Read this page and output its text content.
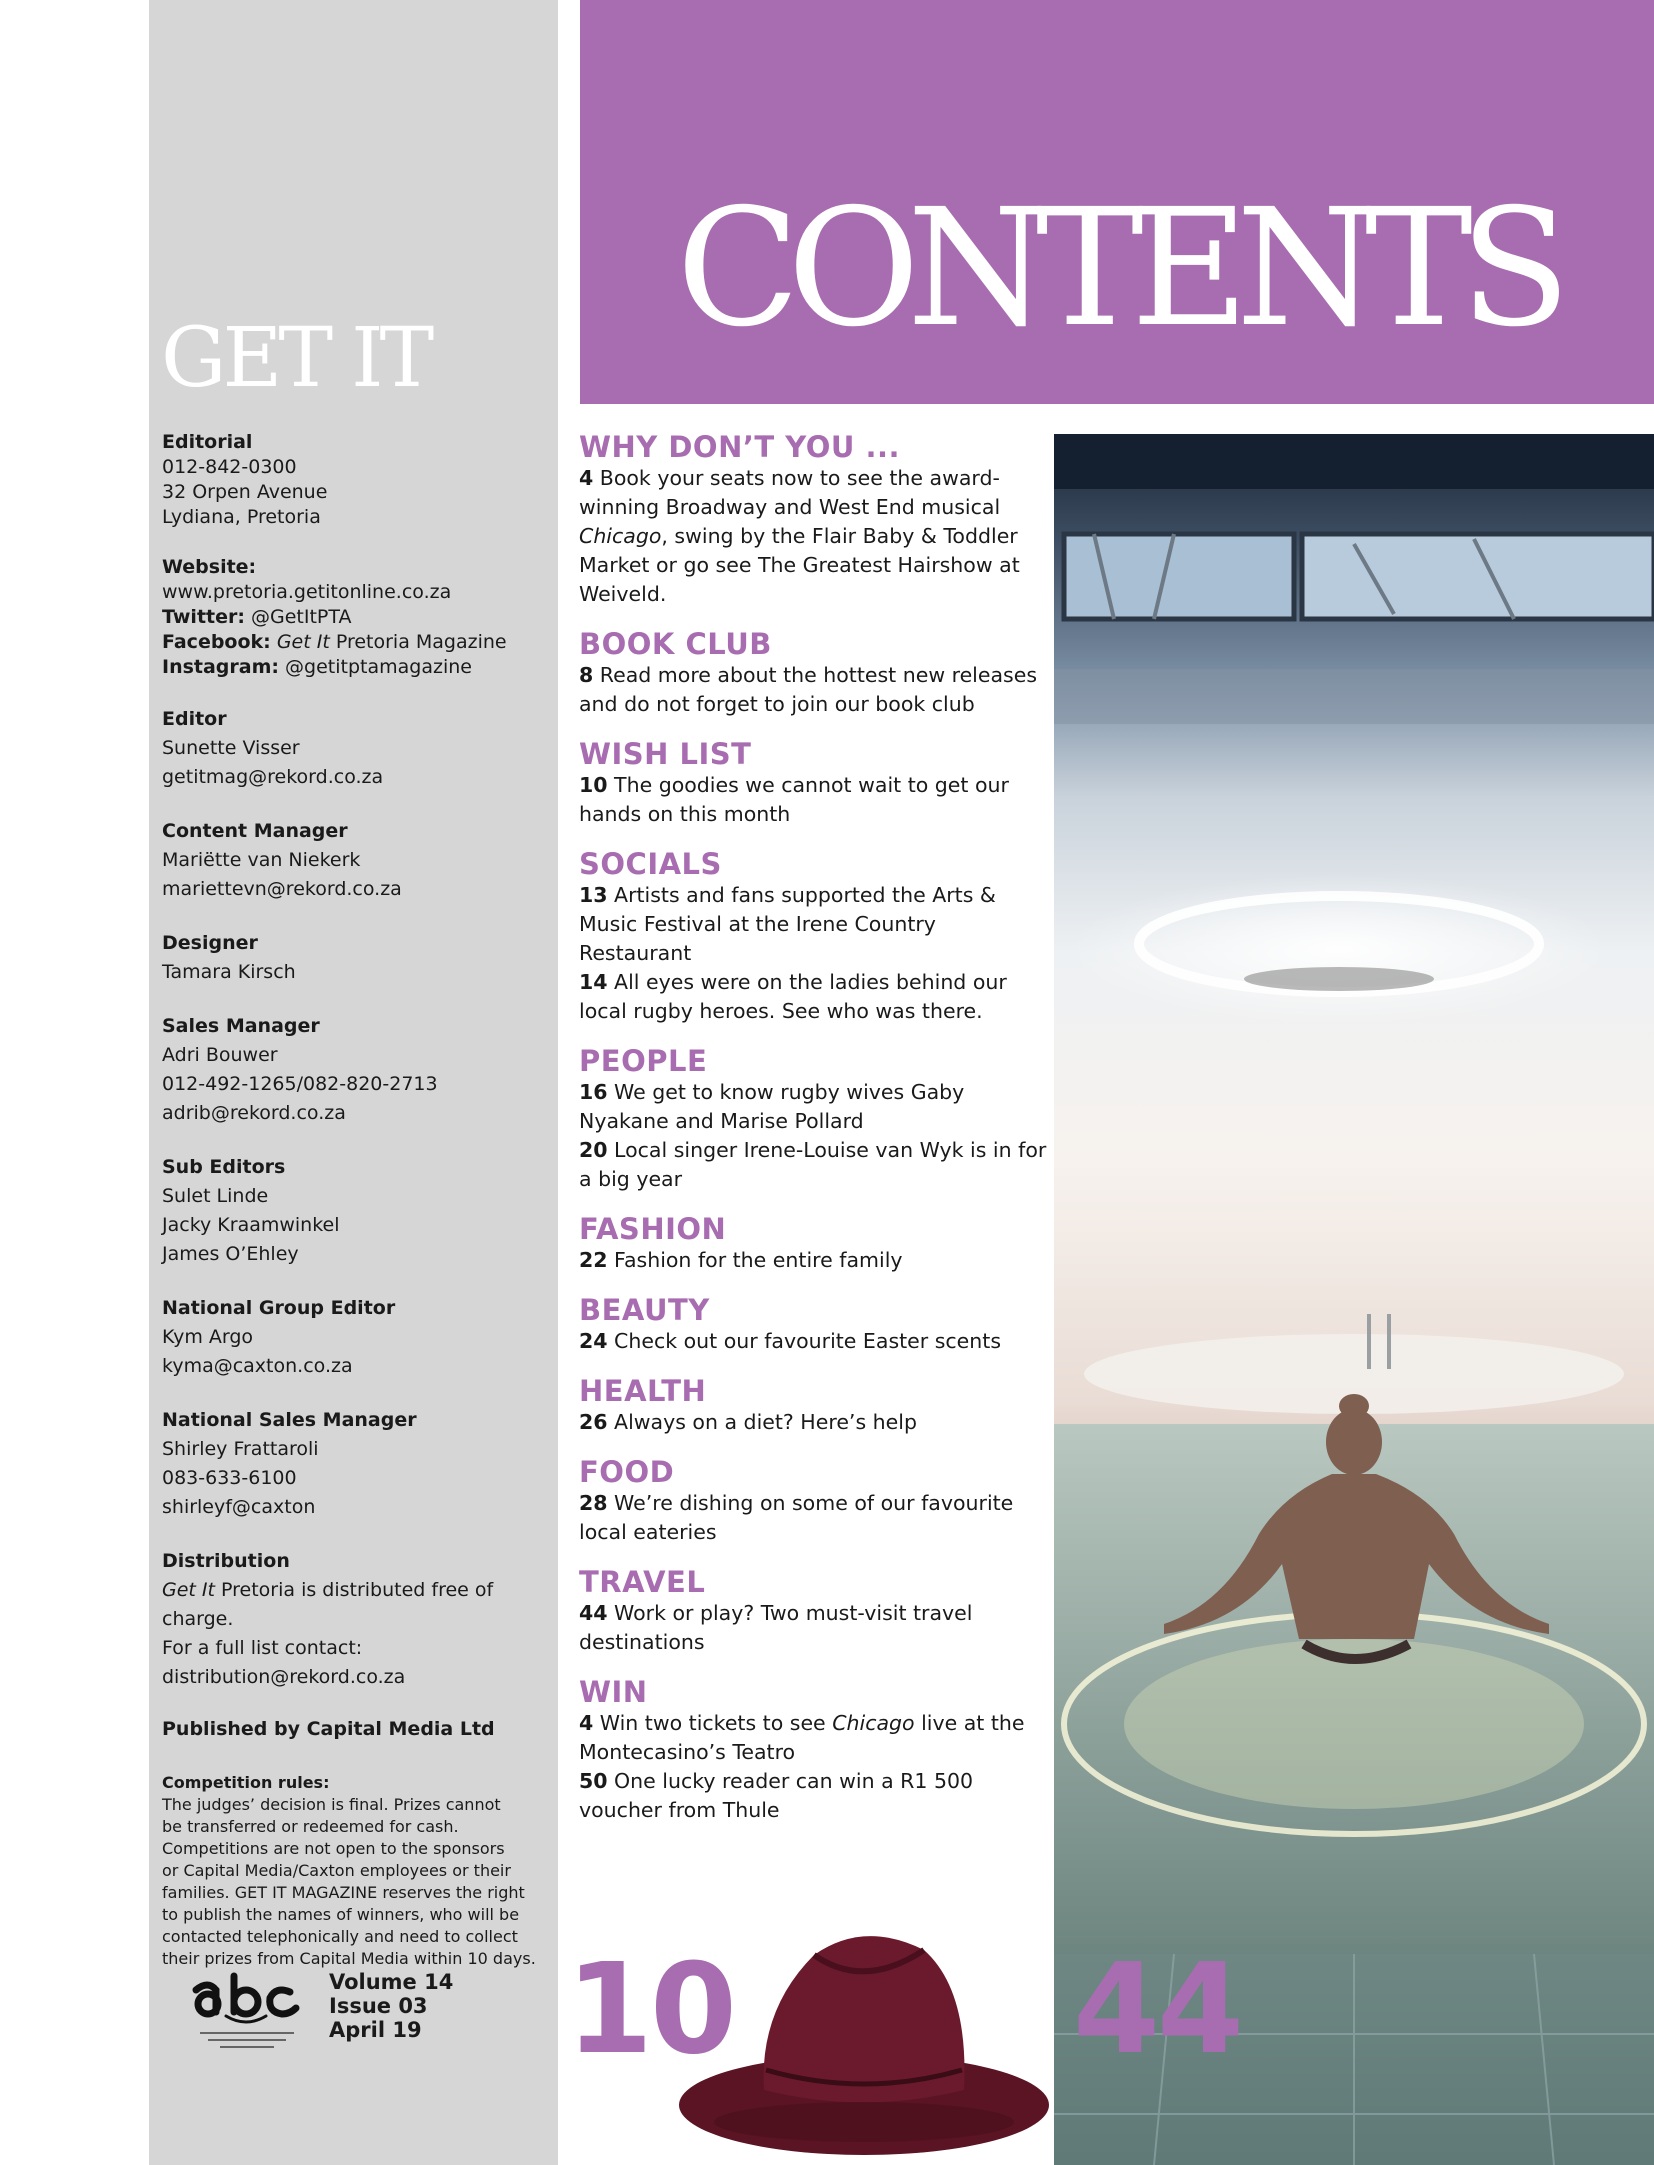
GET IT
Editorial
012-842-0300
32 Orpen Avenue
Lydiana, Pretoria
Website: www.pretoria.getitonline.co.za
Twitter: @GetItPTA
Facebook: Get It Pretoria Magazine
Instagram: @getitptamagazine
Editor
Sunette Visser
getitmag@rekord.co.za
Content Manager
Mariëtte van Niekerk
mariettevn@rekord.co.za
Designer
Tamara Kirsch
Sales Manager
Adri Bouwer
012-492-1265/082-820-2713
adrib@rekord.co.za
Sub Editors
Sulet Linde
Jacky Kraamwinkel
James O’Ehley
National Group Editor
Kym Argo
kyma@caxton.co.za
National Sales Manager
Shirley Frattaroli
083-633-6100
shirleyf@caxton
Distribution
Get It Pretoria is distributed free of charge.
For a full list contact:
distribution@rekord.co.za
Published by Capital Media Ltd
Competition rules:
The judges’ decision is final. Prizes cannot
be transferred or redeemed for cash.
Competitions are not open to the sponsors
or Capital Media/Caxton employees or their
families. GET IT MAGAZINE reserves the right
to publish the names of winners, who will be
contacted telephonically and need to collect
their prizes from Capital Media within 10 days.
Volume 14
Issue 03
April 19
CONTENTS
WHY DON’T YOU ...
4 Book your seats now to see the award-winning Broadway and West End musical Chicago, swing by the Flair Baby & Toddler Market or go see The Greatest Hairshow at Weiveld.
BOOK CLUB
8 Read more about the hottest new releases and do not forget to join our book club
WISH LIST
10 The goodies we cannot wait to get our hands on this month
SOCIALS
13 Artists and fans supported the Arts & Music Festival at the Irene Country Restaurant
14 All eyes were on the ladies behind our local rugby heroes. See who was there.
PEOPLE
16 We get to know rugby wives Gaby Nyakane and Marise Pollard
20 Local singer Irene-Louise van Wyk is in for a big year
FASHION
22 Fashion for the entire family
BEAUTY
24 Check out our favourite Easter scents
HEALTH
26 Always on a diet? Here’s help
FOOD
28 We’re dishing on some of our favourite local eateries
TRAVEL
44 Work or play? Two must-visit travel destinations
WIN
4 Win two tickets to see Chicago live at the Montecasino’s Teatro
50 One lucky reader can win a R1 500 voucher from Thule
10	44
